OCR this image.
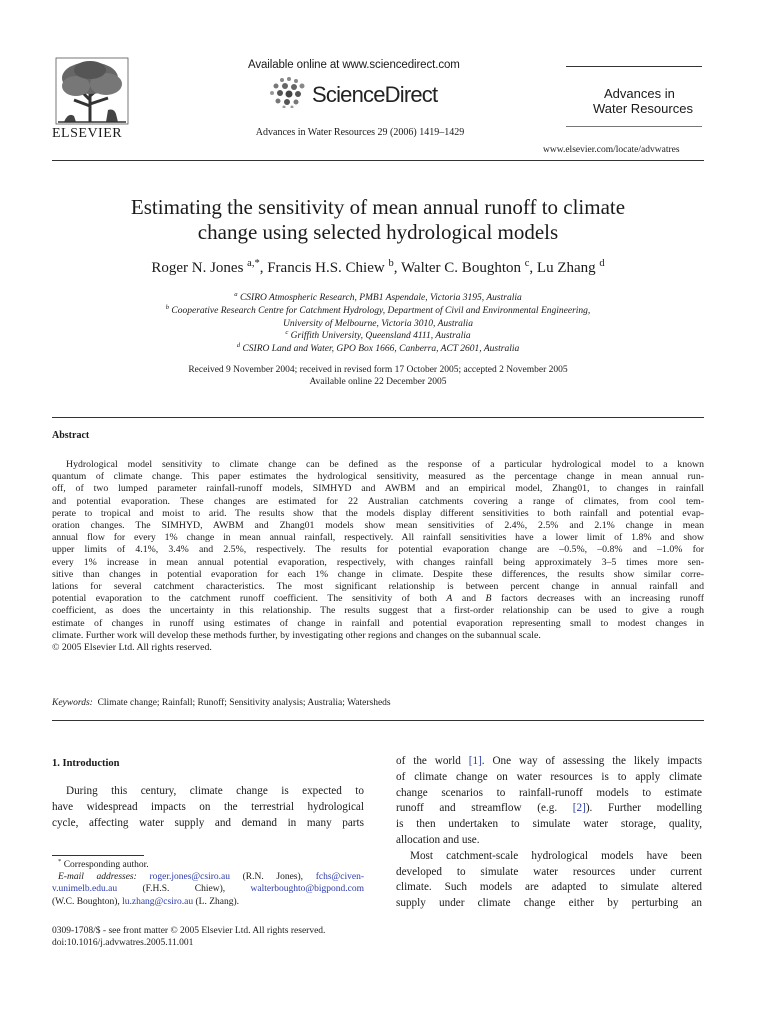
ELSEVIER
Available online at www.sciencedirect.com
ScienceDirect
Advances in Water Resources 29 (2006) 1419–1429
Advances in
Water Resources
www.elsevier.com/locate/advwatres
Estimating the sensitivity of mean annual runoff to climate
change using selected hydrological models
Roger N. Jones $^{a,*}$, Francis H.S. Chiew $^b$, Walter C. Boughton $^c$, Lu Zhang $^d$
$^a$ CSIRO Atmospheric Research, PMB1 Aspendale, Victoria 3195, Australia
$^b$ Cooperative Research Centre for Catchment Hydrology, Department of Civil and Environmental Engineering,
University of Melbourne, Victoria 3010, Australia
$^c$ Griffith University, Queensland 4111, Australia
$^d$ CSIRO Land and Water, GPO Box 1666, Canberra, ACT 2601, Australia
Received 9 November 2004; received in revised form 17 October 2005; accepted 2 November 2005
Available online 22 December 2005
Abstract
Hydrological model sensitivity to climate change can be defined as the response of a particular hydrological model to a known
quantum of climate change. This paper estimates the hydrological sensitivity, measured as the percentage change in mean annual run-
off, of two lumped parameter rainfall-runoff models, SIMHYD and AWBM and an empirical model, Zhang01, to changes in rainfall
and potential evaporation. These changes are estimated for 22 Australian catchments covering a range of climates, from cool tem-
perate to tropical and moist to arid. The results show that the models display different sensitivities to both rainfall and potential evap-
oration changes. The SIMHYD, AWBM and Zhang01 models show mean sensitivities of 2.4%, 2.5% and 2.1% change in mean
annual flow for every 1% change in mean annual rainfall, respectively. All rainfall sensitivities have a lower limit of 1.8% and show
upper limits of 4.1%, 3.4% and 2.5%, respectively. The results for potential evaporation change are –0.5%, –0.8% and –1.0% for
every 1% increase in mean annual potential evaporation, respectively, with changes rainfall being approximately 3–5 times more sen-
sitive than changes in potential evaporation for each 1% change in climate. Despite these differences, the results show similar corre-
lations for several catchment characteristics. The most significant relationship is between percent change in annual rainfall and
potential evaporation to the catchment runoff coefficient. The sensitivity of both A and B factors decreases with an increasing runoff
coefficient, as does the uncertainty in this relationship. The results suggest that a first-order relationship can be used to give a rough
estimate of changes in runoff using estimates of change in rainfall and potential evaporation representing small to modest changes in
climate. Further work will develop these methods further, by investigating other regions and changes on the subannual scale.
© 2005 Elsevier Ltd. All rights reserved.
Keywords: Climate change; Rainfall; Runoff; Sensitivity analysis; Australia; Watersheds
1. Introduction
During this century, climate change is expected to
have widespread impacts on the terrestrial hydrological
cycle, affecting water supply and demand in many parts
* Corresponding author.
E-mail addresses: roger.jones@csiro.au (R.N. Jones), fchs@civen-
v.unimelb.edu.au	(F.H.S. Chiew),	walterboughto@bigpond.com
(W.C. Boughton), lu.zhang@csiro.au (L. Zhang).
0309-1708/$ - see front matter © 2005 Elsevier Ltd. All rights reserved.
doi:10.1016/j.advwatres.2005.11.001
of the world [1]. One way of assessing the likely impacts
of climate change on water resources is to apply climate
change scenarios to rainfall-runoff models to estimate
runoff and streamflow (e.g. [2]). Further modelling
is then undertaken to simulate water storage, quality,
allocation and use.
Most catchment-scale hydrological models have been
developed to simulate water resources under current
climate. Such models are adapted to simulate altered
supply under climate change either by perturbing an
